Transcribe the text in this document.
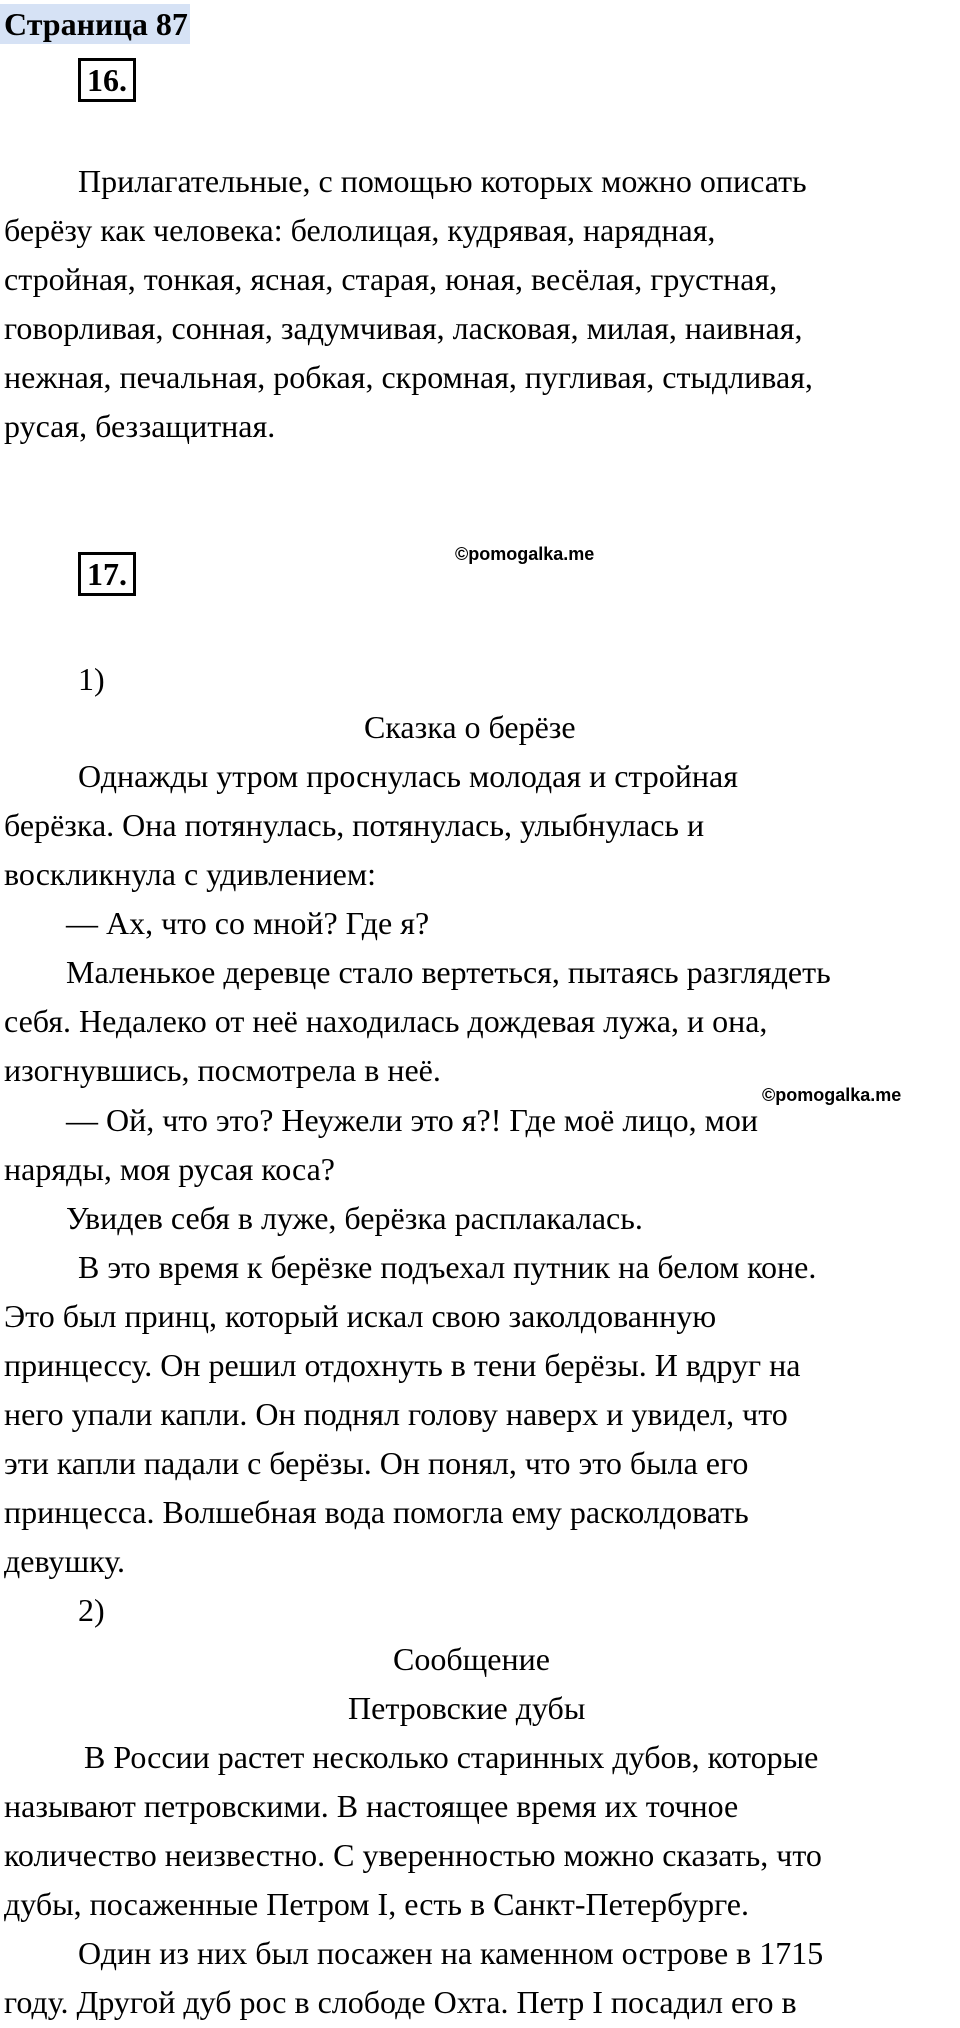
Страница 87
16.
Прилагательные, с помощью которых можно описать
берёзу как человека: белолицая, кудрявая, нарядная,
стройная, тонкая, ясная, старая, юная, весёлая, грустная,
говорливая, сонная, задумчивая, ласковая, милая, наивная,
нежная, печальная, робкая, скромная, пугливая, стыдливая,
русая, беззащитная.
17.
©pomogalka.me
1)
Сказка о берёзе
Однажды утром проснулась молодая и стройная
берёзка. Она потянулась, потянулась, улыбнулась и
воскликнула с удивлением:
— Ах, что со мной? Где я?
Маленькое деревце стало вертеться, пытаясь разглядеть
себя. Недалеко от неё находилась дождевая лужа, и она,
изогнувшись, посмотрела в неё.
— Ой, что это? Неужели это я?! Где моё лицо, мои
наряды, моя русая коса?
Увидев себя в луже, берёзка расплакалась.
В это время к берёзке подъехал путник на белом коне.
Это был принц, который искал свою заколдованную
принцессу. Он решил отдохнуть в тени берёзы. И вдруг на
него упали капли. Он поднял голову наверх и увидел, что
эти капли падали с берёзы. Он понял, что это была его
принцесса. Волшебная вода помогла ему расколдовать
девушку.
©pomogalka.me
2)
Сообщение
Петровские дубы
В России растет несколько старинных дубов, которые
называют петровскими. В настоящее время их точное
количество неизвестно. С уверенностью можно сказать, что
дубы, посаженные Петром I, есть в Санкт-Петербурге.
Один из них был посажен на каменном острове в 1715
году. Другой дуб рос в слободе Охта. Петр I посадил его в
